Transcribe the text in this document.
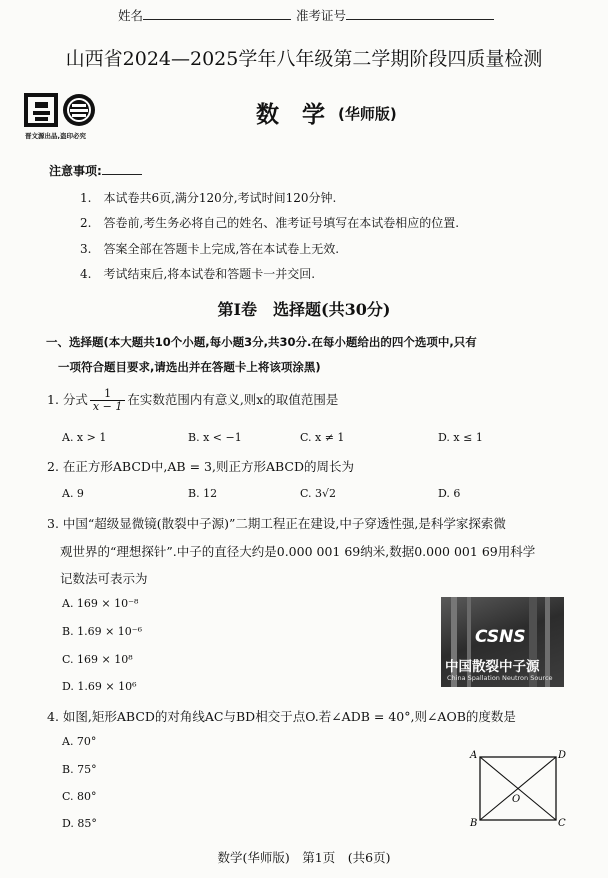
姓名	准考证号
山西省2024—2025学年八年级第二学期阶段四质量检测
晋文源出品,盗印必究
数　学 (华师版)
注意事项:
1.　本试卷共6页,满分120分,考试时间120分钟.
2.　答卷前,考生务必将自己的姓名、准考证号填写在本试卷相应的位置.
3.　答案全部在答题卡上完成,答在本试卷上无效.
4.　考试结束后,将本试卷和答题卡一并交回.
第Ⅰ卷　选择题(共30分)
一、选择题(本大题共10个小题,每小题3分,共30分.在每小题给出的四个选项中,只有
一项符合题目要求,请选出并在答题卡上将该项涂黑)
1. 分式 $\frac{1}{x - 1}$ 在实数范围内有意义,则x的取值范围是
A. x > 1	B. x < −1	C. x ≠ 1	D. x ≤ 1
2. 在正方形ABCD中,AB = 3,则正方形ABCD的周长为
A. 9	B. 12	C. 3√2	D. 6
3. 中国“超级显微镜(散裂中子源)”二期工程正在建设,中子穿透性强,是科学家探索微
观世界的“理想探针”.中子的直径大约是0.000 001 69纳米,数据0.000 001 69用科学
记数法可表示为
A. 169 × 10⁻⁸
B. 1.69 × 10⁻⁶
C. 169 × 10⁸
D. 1.69 × 10⁶
CSNS
中国散裂中子源
China Spallation Neutron Source
4. 如图,矩形ABCD的对角线AC与BD相交于点O.若∠ADB = 40°,则∠AOB的度数是
A. 70°
B. 75°
C. 80°
D. 85°
A	D
B	C
O
数学(华师版)　第1页　(共6页)
